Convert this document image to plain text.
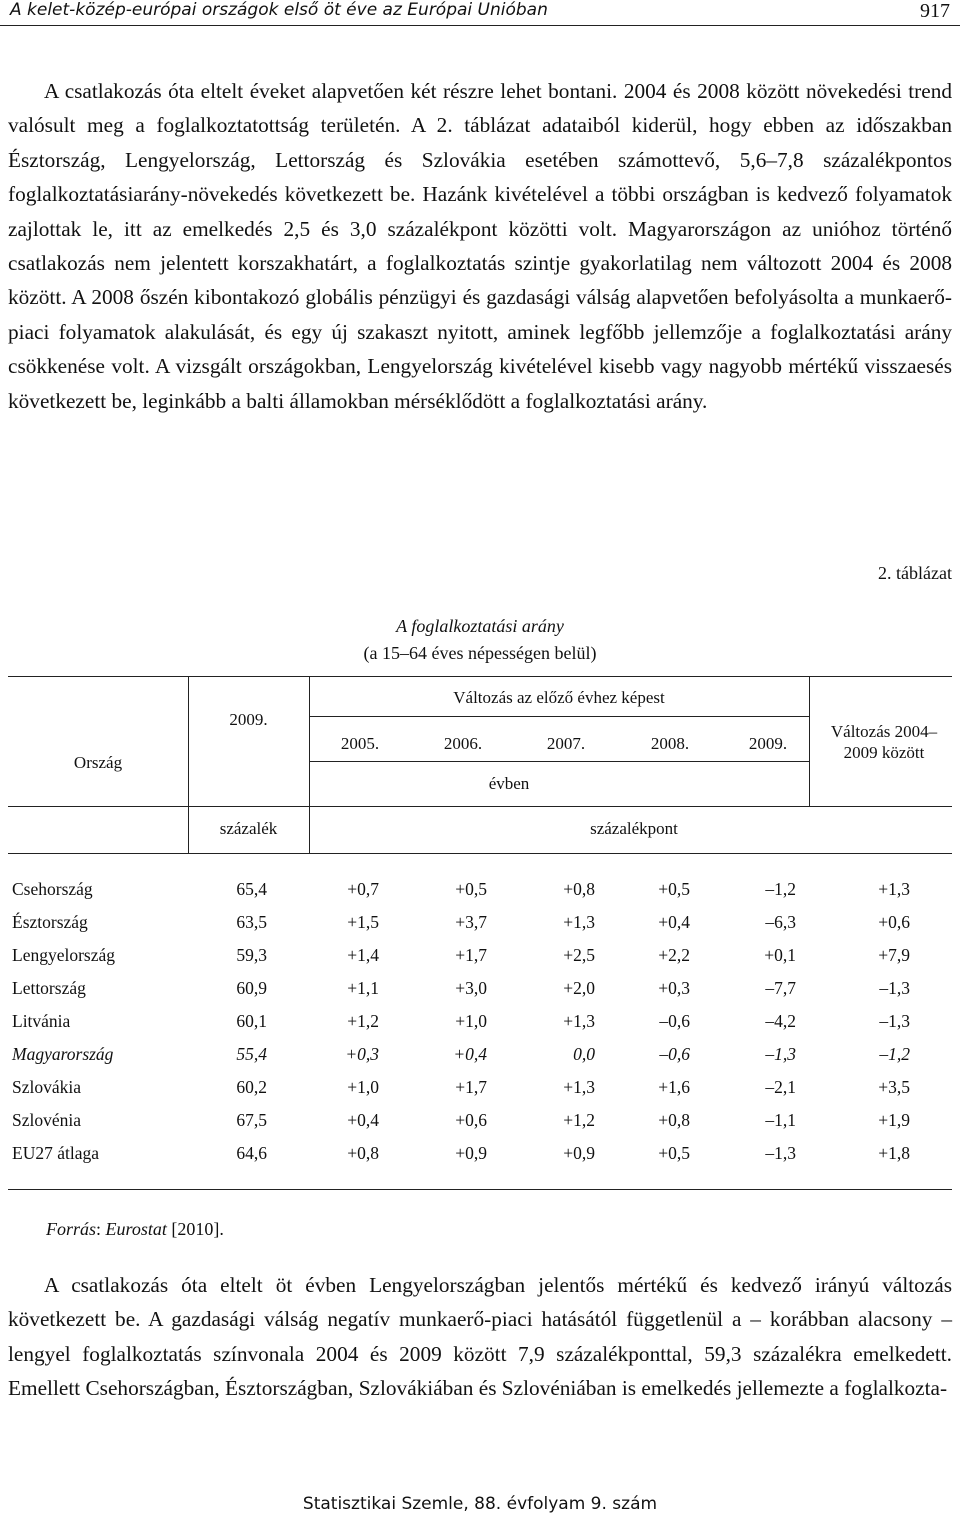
A kelet-közép-európai országok első öt éve az Európai Unióban	917

A csatlakozás óta eltelt éveket alapvetően két részre lehet bontani. 2004 és 2008 között növekedési trend valósult meg a foglalkoztatottság területén. A 2. táblázat adataiból kiderül, hogy ebben az időszakban Észtország, Lengyelország, Lettország és Szlovákia esetében számottevő, 5,6–7,8 százalékpontos foglalkoztatásiarány-növekedés következett be. Hazánk kivételével a többi országban is kedvező folyamatok zajlottak le, itt az emelkedés 2,5 és 3,0 százalékpont közötti volt. Magyarországon az unióhoz történő csatlakozás nem jelentett korszakhatárt, a foglalkoztatás szintje gyakorlatilag nem változott 2004 és 2008 között. A 2008 őszén kibontakozó globális pénzügyi és gazdasági válság alapvetően befolyásolta a munkaerő-piaci folyamatok alakulását, és egy új szakaszt nyitott, aminek legfőbb jellemzője a foglalkoztatási arány csökkenése volt. A vizsgált országokban, Lengyelország kivételével kisebb vagy nagyobb mértékű visszaesés következett be, leginkább a balti államokban mérséklődött a foglalkoztatási arány.

2. táblázat
A foglalkoztatási arány
(a 15–64 éves népességen belül)
Ország
2009.
Változás az előző évhez képest
2005.	2006.	2007.	2008.	2009.
évben
Változás 2004–
2009 között
százalék	százalékpont
Csehország	65,4	+0,7	+0,5	+0,8	+0,5	–1,2	+1,3
Észtország	63,5	+1,5	+3,7	+1,3	+0,4	–6,3	+0,6
Lengyelország	59,3	+1,4	+1,7	+2,5	+2,2	+0,1	+7,9
Lettország	60,9	+1,1	+3,0	+2,0	+0,3	–7,7	–1,3
Litvánia	60,1	+1,2	+1,0	+1,3	–0,6	–4,2	–1,3
Magyarország	55,4	+0,3	+0,4	0,0	–0,6	–1,3	–1,2
Szlovákia	60,2	+1,0	+1,7	+1,3	+1,6	–2,1	+3,5
Szlovénia	67,5	+0,4	+0,6	+1,2	+0,8	–1,1	+1,9
EU27 átlaga	64,6	+0,8	+0,9	+0,9	+0,5	–1,3	+1,8
Forrás: Eurostat [2010].

A csatlakozás óta eltelt öt évben Lengyelországban jelentős mértékű és kedvező irányú változás következett be. A gazdasági válság negatív munkaerő-piaci hatásától függetlenül a – korábban alacsony – lengyel foglalkoztatás színvonala 2004 és 2009 között 7,9 százalékponttal, 59,3 százalékra emelkedett. Emellett Csehországban, Észtországban, Szlovákiában és Szlovéniában is emelkedés jellemezte a foglalkozta-

Statisztikai Szemle, 88. évfolyam 9. szám
